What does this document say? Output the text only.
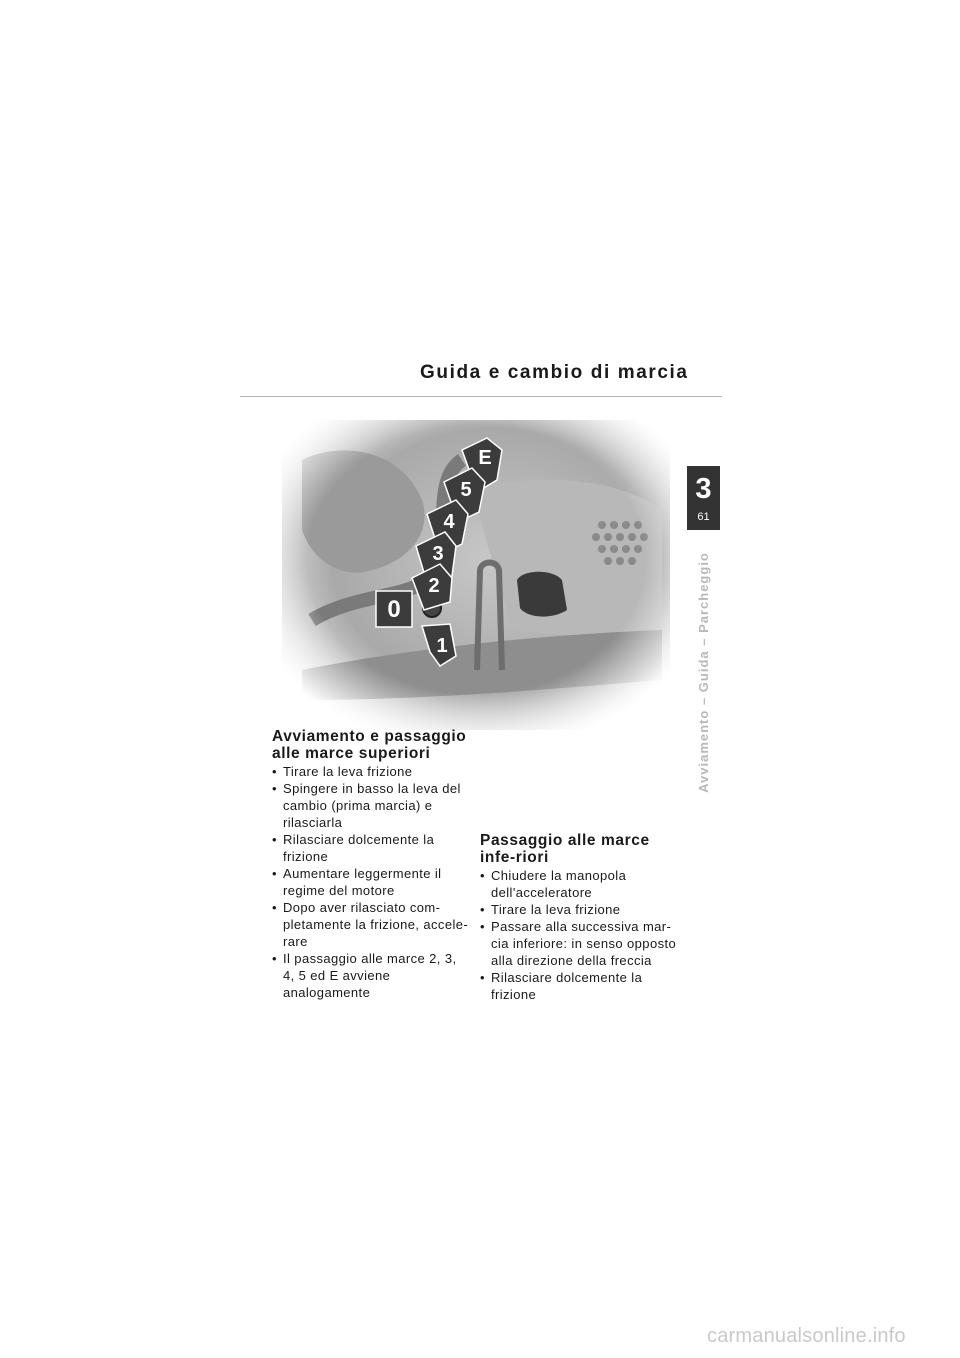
Guida e cambio di marcia
3
61
Avviamento – Guida – Parcheggio
Avviamento e passaggio alle marce superiori
• Tirare la leva frizione
• Spingere in basso la leva del cambio (prima marcia) e rilasciarla
• Rilasciare dolcemente la frizione
• Aumentare leggermente il regime del motore
• Dopo aver rilasciato com-pletamente la frizione, accele-rare
• Il passaggio alle marce 2, 3, 4, 5 ed E avviene analogamente
Passaggio alle marce infe-riori
• Chiudere la manopola dell'acceleratore
• Tirare la leva frizione
• Passare alla successiva mar-cia inferiore: in senso opposto alla direzione della freccia
• Rilasciare dolcemente la frizione
carmanualsonline.info
